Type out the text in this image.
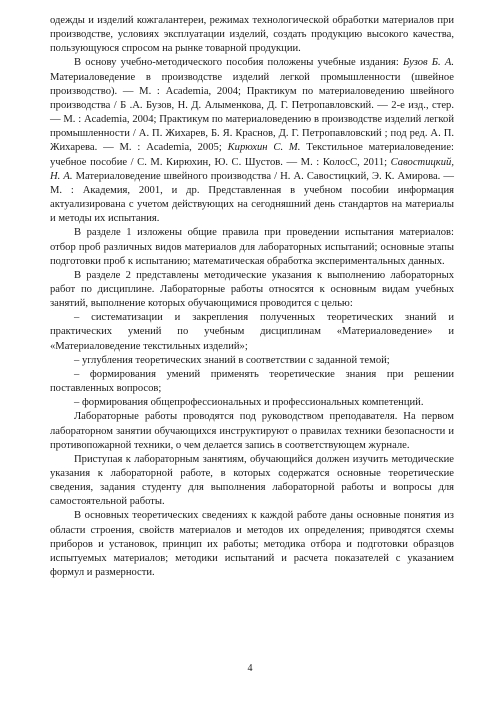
одежды и изделий кожгалантереи, режимах технологической обработки материалов при производстве, условиях эксплуатации изделий, создать продукцию высокого качества, пользующуюся спросом на рынке товарной продукции.

В основу учебно-методического пособия положены учебные издания: Бузов Б. А. Материаловедение в производстве изделий легкой промышленности (швейное производство). — М. : Academia, 2004; Практикум по материаловедению швейного производства / Б .А. Бузов, Н. Д. Алыменкова, Д. Г. Петропавловский. — 2-е изд., стер. — М. : Academia, 2004; Практикум по материаловедению в производстве изделий легкой промышленности / А. П. Жихарев, Б. Я. Краснов, Д. Г. Петропавловский ; под ред. А. П. Жихарева. — М. : Academia, 2005; Кирюхин С. М. Текстильное материаловедение: учебное пособие / С. М. Кирюхин, Ю. С. Шустов. — М. : КолосС, 2011; Савостицкий, Н. А. Материаловедение швейного производства / Н. А. Савостицкий, Э. К. Амирова. — М. : Академия, 2001, и др. Представленная в учебном пособии информация актуализирована с учетом действующих на сегодняшний день стандартов на материалы и методы их испытания.

В разделе 1 изложены общие правила при проведении испытания материалов: отбор проб различных видов материалов для лабораторных испытаний; основные этапы подготовки проб к испытанию; математическая обработка экспериментальных данных.

В разделе 2 представлены методические указания к выполнению лабораторных работ по дисциплине. Лабораторные работы относятся к основным видам учебных занятий, выполнение которых обучающимися проводится с целью:

– систематизации и закрепления полученных теоретических знаний и практических умений по учебным дисциплинам «Материаловедение» и «Материаловедение текстильных изделий»;

– углубления теоретических знаний в соответствии с заданной темой;

– формирования умений применять теоретические знания при решении поставленных вопросов;

– формирования общепрофессиональных и профессиональных компетенций.

Лабораторные работы проводятся под руководством преподавателя. На первом лабораторном занятии обучающихся инструктируют о правилах техники безопасности и противопожарной техники, о чем делается запись в соответствующем журнале.

Приступая к лабораторным занятиям, обучающийся должен изучить методические указания к лабораторной работе, в которых содержатся основные теоретические сведения, задания студенту для выполнения лабораторной работы и вопросы для самостоятельной работы.

В основных теоретических сведениях к каждой работе даны основные понятия из области строения, свойств материалов и методов их определения; приводятся схемы приборов и установок, принцип их работы; методика отбора и подготовки образцов испытуемых материалов; методики испытаний и расчета показателей с указанием формул и размерности.

4
